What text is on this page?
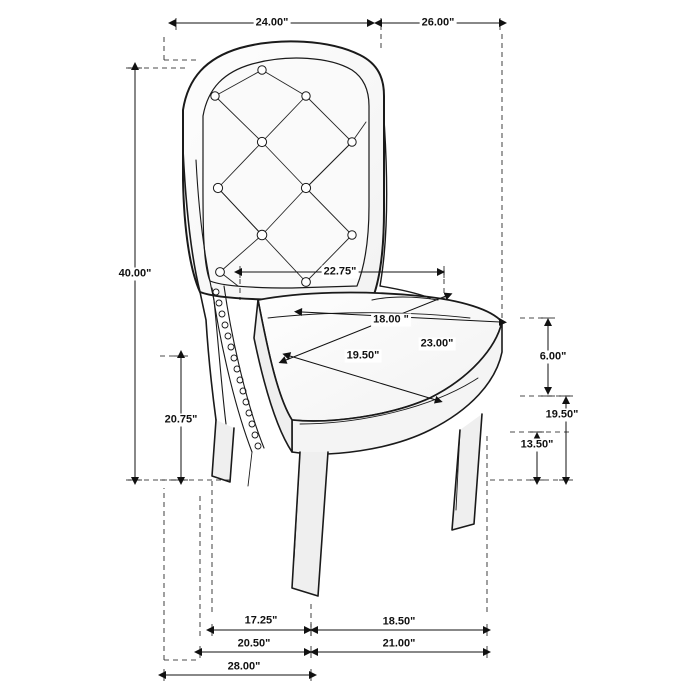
24.00"	26.00"
40.00"	22.75"
18.00 "
23.00"
19.50"	6.00"
19.50"
13.50"
20.75"
17.25"	18.50"
20.50"	21.00"
28.00"
